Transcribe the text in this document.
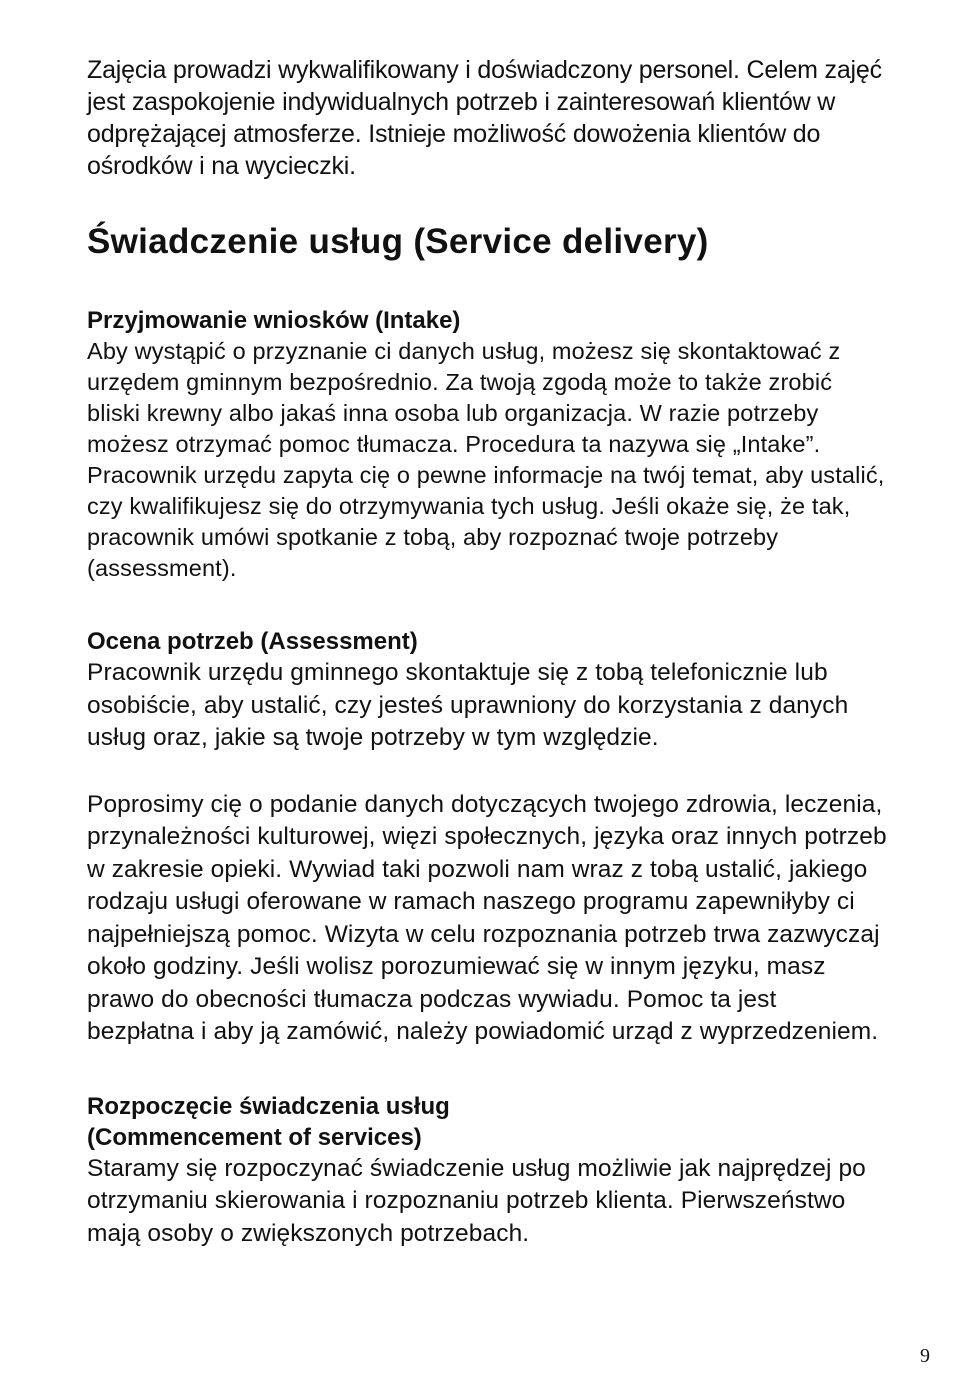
Zajęcia prowadzi wykwalifikowany i doświadczony personel. Celem zajęć jest zaspokojenie indywidualnych potrzeb i zainteresowań klientów w odprężającej atmosferze. Istnieje możliwość dowożenia klientów do ośrodków i na wycieczki.

Świadczenie usług (Service delivery)
Przyjmowanie wniosków (Intake)

Aby wystąpić o przyznanie ci danych usług, możesz się skontaktować z urzędem gminnym bezpośrednio. Za twoją zgodą może to także zrobić bliski krewny albo jakaś inna osoba lub organizacja. W razie potrzeby możesz otrzymać pomoc tłumacza. Procedura ta nazywa się „Intake”. Pracownik urzędu zapyta cię o pewne informacje na twój temat, aby ustalić, czy kwalifikujesz się do otrzymywania tych usług. Jeśli okaże się, że tak, pracownik umówi spotkanie z tobą, aby rozpoznać twoje potrzeby (assessment).

Ocena potrzeb (Assessment)

Pracownik urzędu gminnego skontaktuje się z tobą telefonicznie lub osobiście, aby ustalić, czy jesteś uprawniony do korzystania z danych usług oraz, jakie są twoje potrzeby w tym względzie.

Poprosimy cię o podanie danych dotyczących twojego zdrowia, leczenia, przynależności kulturowej, więzi społecznych, języka oraz innych potrzeb w zakresie opieki. Wywiad taki pozwoli nam wraz z tobą ustalić, jakiego rodzaju usługi oferowane w ramach naszego programu zapewniłyby ci najpełniejszą pomoc. Wizyta w celu rozpoznania potrzeb trwa zazwyczaj około godziny. Jeśli wolisz porozumiewać się w innym języku, masz prawo do obecności tłumacza podczas wywiadu. Pomoc ta jest bezpłatna i aby ją zamówić, należy powiadomić urząd z wyprzedzeniem.

Rozpoczęcie świadczenia usług
(Commencement of services)

Staramy się rozpoczynać świadczenie usług możliwie jak najprędzej po otrzymaniu skierowania i rozpoznaniu potrzeb klienta. Pierwszeństwo mają osoby o zwiększonych potrzebach.

9
